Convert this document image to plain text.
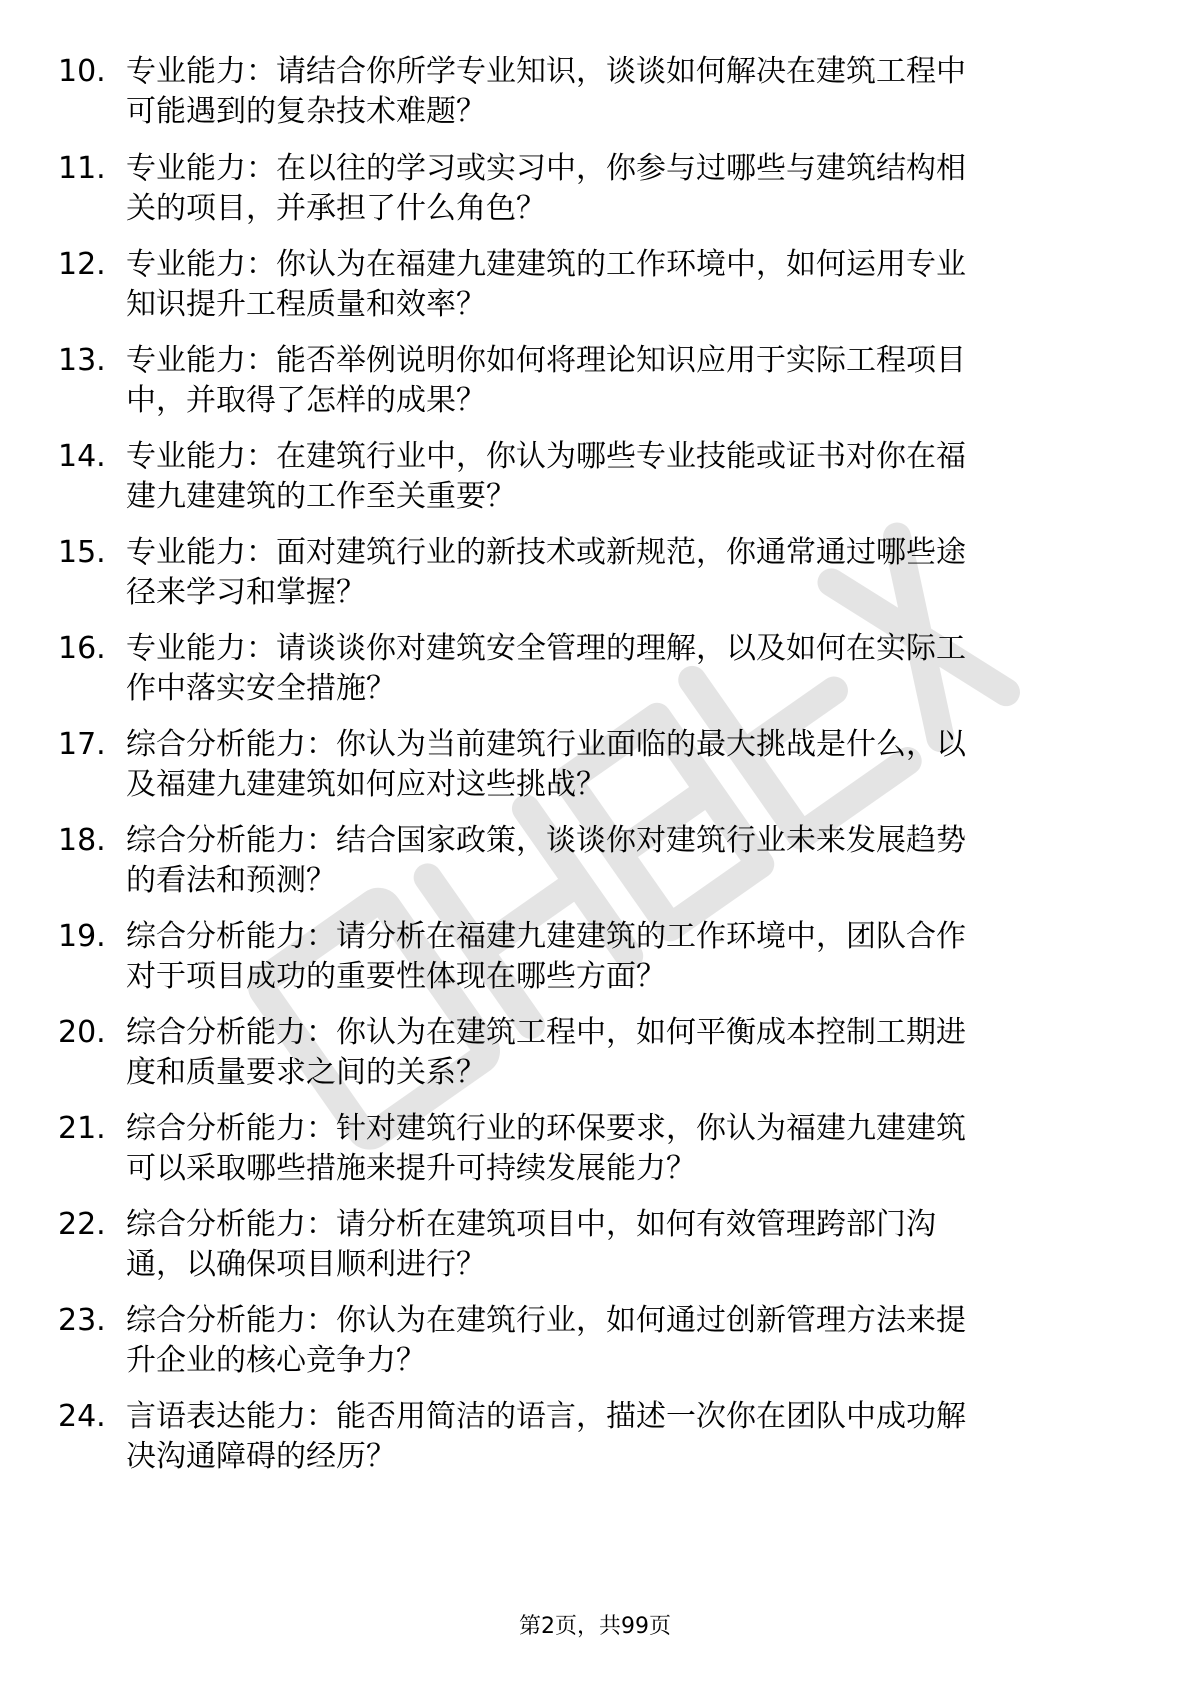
10. 专业能力：请结合你所学专业知识，谈谈如何解决在建筑工程中
可能遇到的复杂技术难题？
11. 专业能力：在以往的学习或实习中，你参与过哪些与建筑结构相
关的项目，并承担了什么角色？
12. 专业能力：你认为在福建九建建筑的工作环境中，如何运用专业
知识提升工程质量和效率？
13. 专业能力：能否举例说明你如何将理论知识应用于实际工程项目
中，并取得了怎样的成果？
14. 专业能力：在建筑行业中，你认为哪些专业技能或证书对你在福
建九建建筑的工作至关重要？
15. 专业能力：面对建筑行业的新技术或新规范，你通常通过哪些途
径来学习和掌握？
16. 专业能力：请谈谈你对建筑安全管理的理解，以及如何在实际工
作中落实安全措施？
17. 综合分析能力：你认为当前建筑行业面临的最大挑战是什么，以
及福建九建建筑如何应对这些挑战？
18. 综合分析能力：结合国家政策，谈谈你对建筑行业未来发展趋势
的看法和预测？
19. 综合分析能力：请分析在福建九建建筑的工作环境中，团队合作
对于项目成功的重要性体现在哪些方面？
20. 综合分析能力：你认为在建筑工程中，如何平衡成本控制工期进
度和质量要求之间的关系？
21. 综合分析能力：针对建筑行业的环保要求，你认为福建九建建筑
可以采取哪些措施来提升可持续发展能力？
22. 综合分析能力：请分析在建筑项目中，如何有效管理跨部门沟
通，以确保项目顺利进行？
23. 综合分析能力：你认为在建筑行业，如何通过创新管理方法来提
升企业的核心竞争力？
24. 言语表达能力：能否用简洁的语言，描述一次你在团队中成功解
决沟通障碍的经历？
第2页，共99页
